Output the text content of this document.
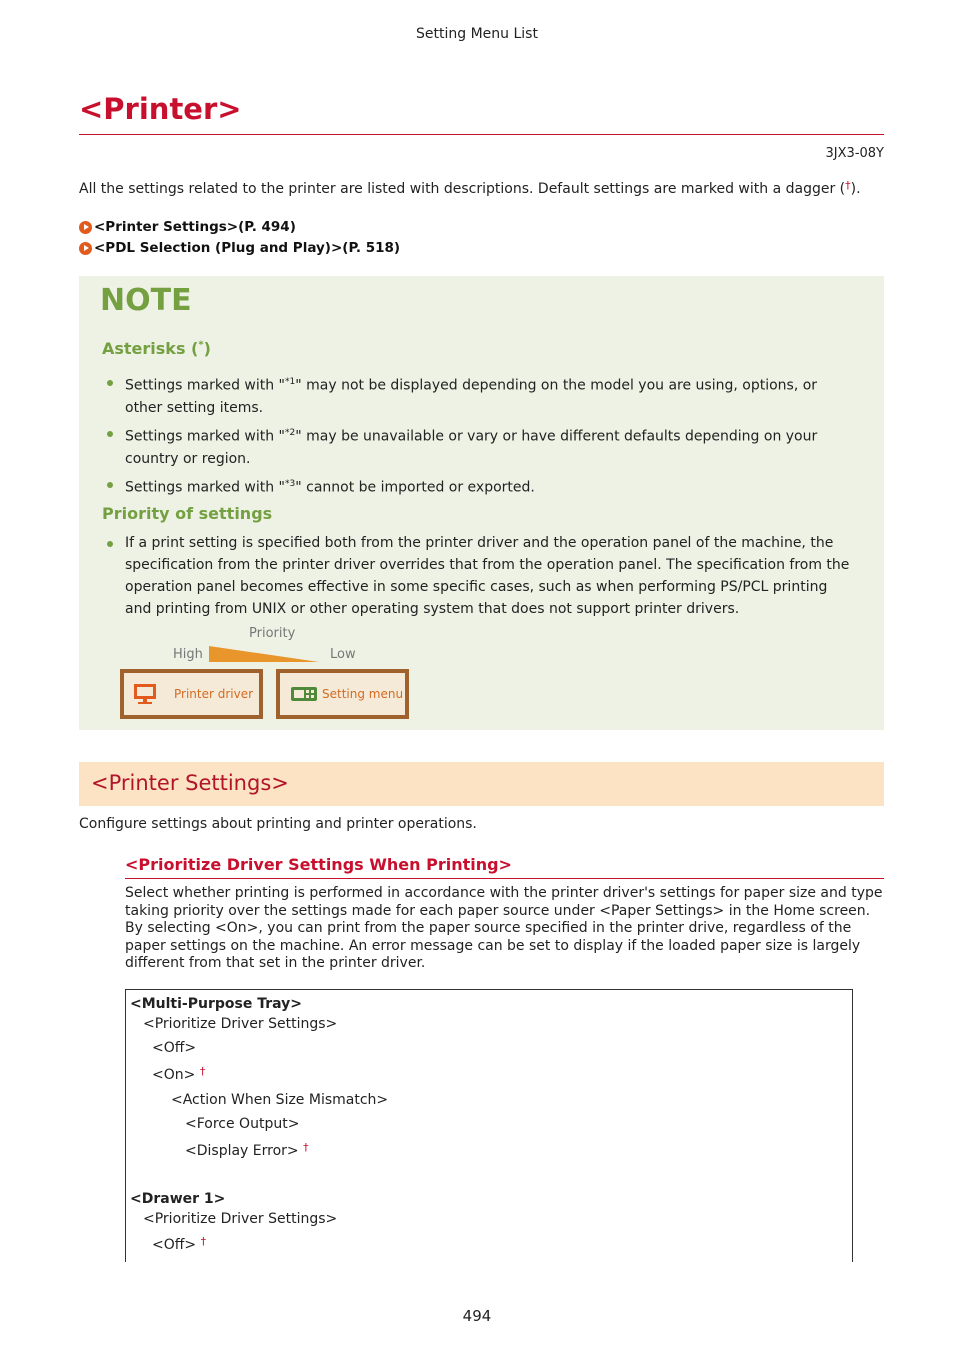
Setting Menu List
<Printer>
3JX3-08Y
All the settings related to the printer are listed with descriptions. Default settings are marked with a dagger (†).
<Printer Settings>(P. 494)
<PDL Selection (Plug and Play)>(P. 518)
NOTE
Asterisks (*)
Settings marked with "$^{*1}$" may not be displayed depending on the model you are using, options, or other setting items.
Settings marked with "$^{*2}$" may be unavailable or vary or have different defaults depending on your country or region.
Settings marked with "$^{*3}$" cannot be imported or exported.
Priority of settings
If a print setting is specified both from the printer driver and the operation panel of the machine, the specification from the printer driver overrides that from the operation panel. The specification from the operation panel becomes effective in some specific cases, such as when performing PS/PCL printing and printing from UNIX or other operating system that does not support printer drivers.
Priority
High	Low
Printer driver	Setting menu
<Printer Settings>
Configure settings about printing and printer operations.
<Prioritize Driver Settings When Printing>
Select whether printing is performed in accordance with the printer driver's settings for paper size and type taking priority over the settings made for each paper source under <Paper Settings> in the Home screen. By selecting <On>, you can print from the paper source specified in the printer drive, regardless of the paper settings on the machine. An error message can be set to display if the loaded paper size is largely different from that set in the printer driver.
<Multi-Purpose Tray>
<Prioritize Driver Settings>
<Off>
<On> †
<Action When Size Mismatch>
<Force Output>
<Display Error> †
<Drawer 1>
<Prioritize Driver Settings>
<Off> †
494
